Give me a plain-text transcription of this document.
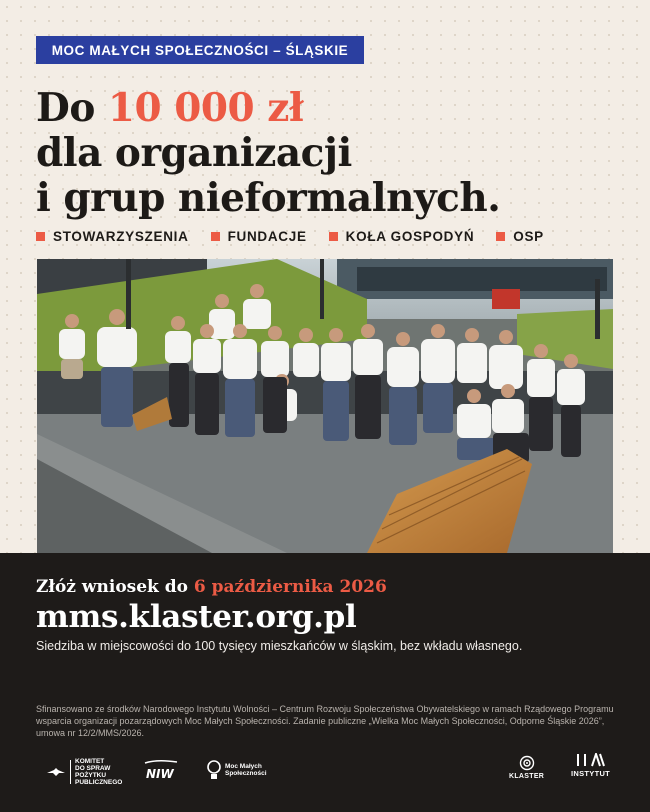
MOC MAŁYCH SPOŁECZNOŚCI – ŚLĄSKIE
Do 10 000 zł
dla organizacji
i grup nieformalnych.
STOWARZYSZENIA	FUNDACJE	KOŁA GOSPODYŃ	OSP
Złóż wniosek do 6 października 2026
mms.klaster.org.pl
Siedziba w miejscowości do 100 tysięcy mieszkańców w śląskim, bez wkładu własnego.
Sfinansowano ze środków Narodowego Instytutu Wolności – Centrum Rozwoju Społeczeństwa Obywatelskiego w ramach Rządowego Programu wsparcia organizacji pozarządowych Moc Małych Społeczności. Zadanie publiczne „Wielka Moc Małych Społeczności, Odporne Śląskie 2026”, umowa nr 12/2/MMS/2026.
KOMITET
DO SPRAW
POŻYTKU
PUBLICZNEGO
NIW
Moc Małych
Społeczności	KLASTER	INSTYTUT
